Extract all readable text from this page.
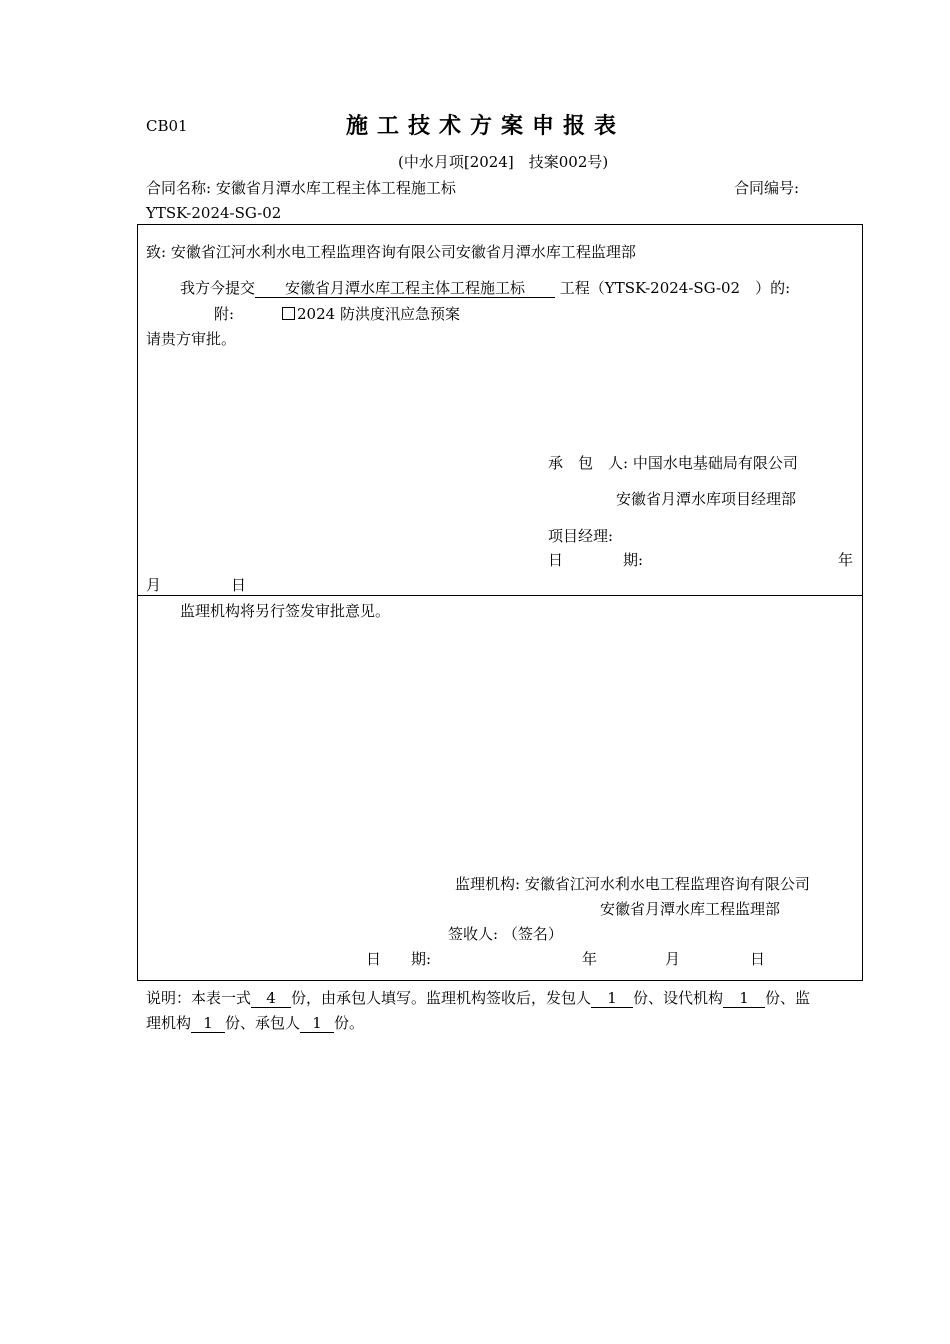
CB01	施工技术方案申报表
(中水月项[2024]　技案002号)
合同名称: 安徽省月潭水库工程主体工程施工标	合同编号:
YTSK-2024-SG-02
致: 安徽省江河水利水电工程监理咨询有限公司安徽省月潭水库工程监理部
我方今提交 安徽省月潭水库工程主体工程施工标 工程（YTSK-2024-SG-02　）的:
附:	2024 防洪度汛应急预案
请贵方审批。
承　包　人: 中国水电基础局有限公司
安徽省月潭水库项目经理部
项目经理:
日　　　　期:	年
月	日
监理机构将另行签发审批意见。
监理机构: 安徽省江河水利水电工程监理咨询有限公司
安徽省月潭水库工程监理部
签收人: （签名）
日　　期:	年	月	日
说明：本表一式 4 份，由承包人填写。监理机构签收后，发包人 1 份、设代机构 1 份、监
理机构 1 份、承包人 1 份。
